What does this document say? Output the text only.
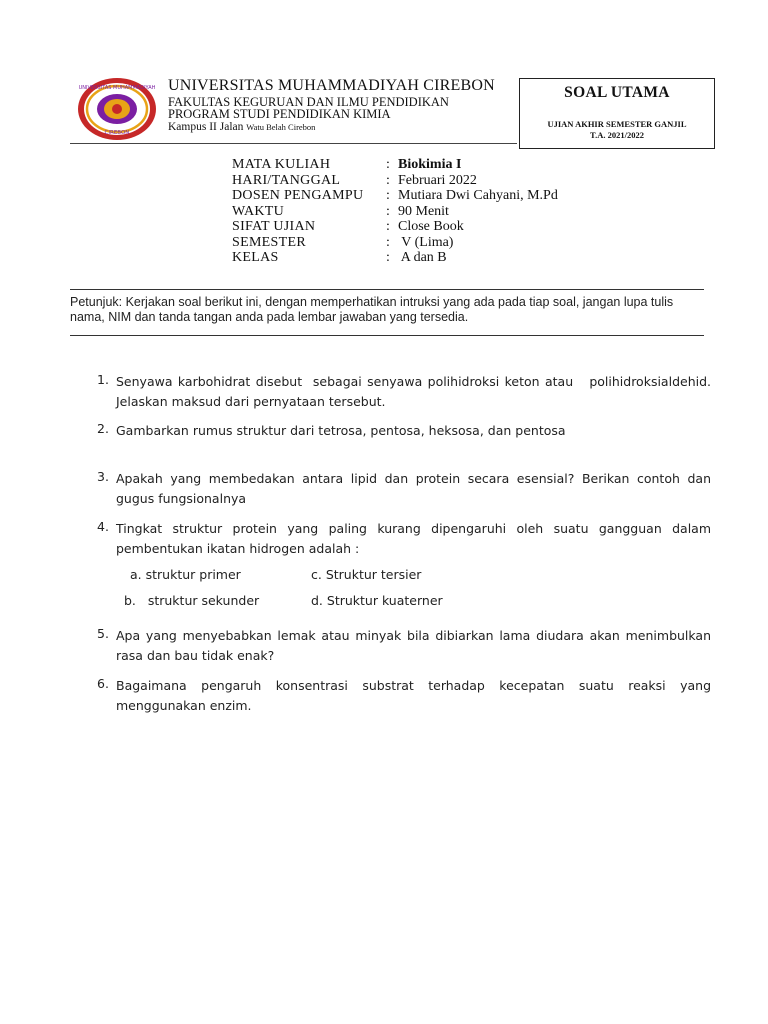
UNIVERSITAS MUHAMMADIYAH
CIREBON
UNIVERSITAS MUHAMMADIYAH CIREBON
FAKULTAS KEGURUAN DAN ILMU PENDIDIKAN
PROGRAM STUDI PENDIDIKAN KIMIA
Kampus II Jalan Watu Belah Cirebon
SOAL UTAMA
UJIAN AKHIR SEMESTER GANJIL
T.A. 2021/2022
MATA KULIAH	: Biokimia I
HARI/TANGGAL	: Februari 2022
DOSEN PENGAMPU	: Mutiara Dwi Cahyani, M.Pd
WAKTU	: 90 Menit
SIFAT UJIAN	: Close Book
SEMESTER	: V (Lima)
KELAS	: A dan B
Petunjuk: Kerjakan soal berikut ini, dengan memperhatikan intruksi yang ada pada tiap soal, jangan lupa tulis nama, NIM dan tanda tangan anda pada lembar jawaban yang tersedia.
1. Senyawa karbohidrat disebut  sebagai senyawa polihidroksi keton atau   polihidroksialdehid. Jelaskan maksud dari pernyataan tersebut.
2. Gambarkan rumus struktur dari tetrosa, pentosa, heksosa, dan pentosa
3. Apakah yang membedakan antara lipid dan protein secara esensial? Berikan contoh dan gugus fungsionalnya
4. Tingkat struktur protein yang paling kurang dipengaruhi oleh suatu gangguan dalam pembentukan ikatan hidrogen adalah :
a. struktur primer	c. Struktur tersier
b.   struktur sekunder	d. Struktur kuaterner
5. Apa yang menyebabkan lemak atau minyak bila dibiarkan lama diudara akan menimbulkan rasa dan bau tidak enak?
6. Bagaimana pengaruh konsentrasi substrat terhadap kecepatan suatu reaksi yang menggunakan enzim.
